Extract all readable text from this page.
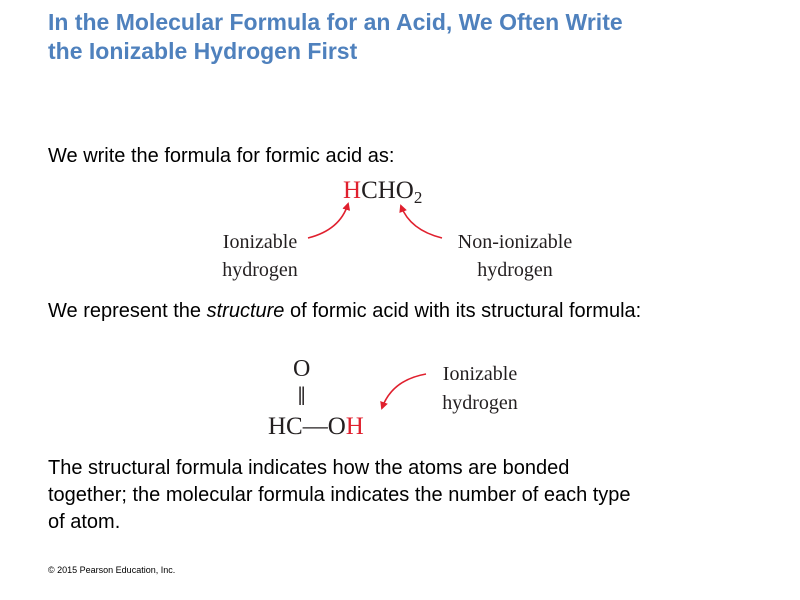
In the Molecular Formula for an Acid, We Often Write
the Ionizable Hydrogen First
We write the formula for formic acid as:
$HCHO_2$
Ionizable
hydrogen
Non-ionizable
hydrogen
We represent the structure of formic acid with its structural formula:
O
‖
HC—OH
Ionizable
hydrogen
The structural formula indicates how the atoms are bonded
together; the molecular formula indicates the number of each type
of atom.
© 2015 Pearson Education, Inc.
